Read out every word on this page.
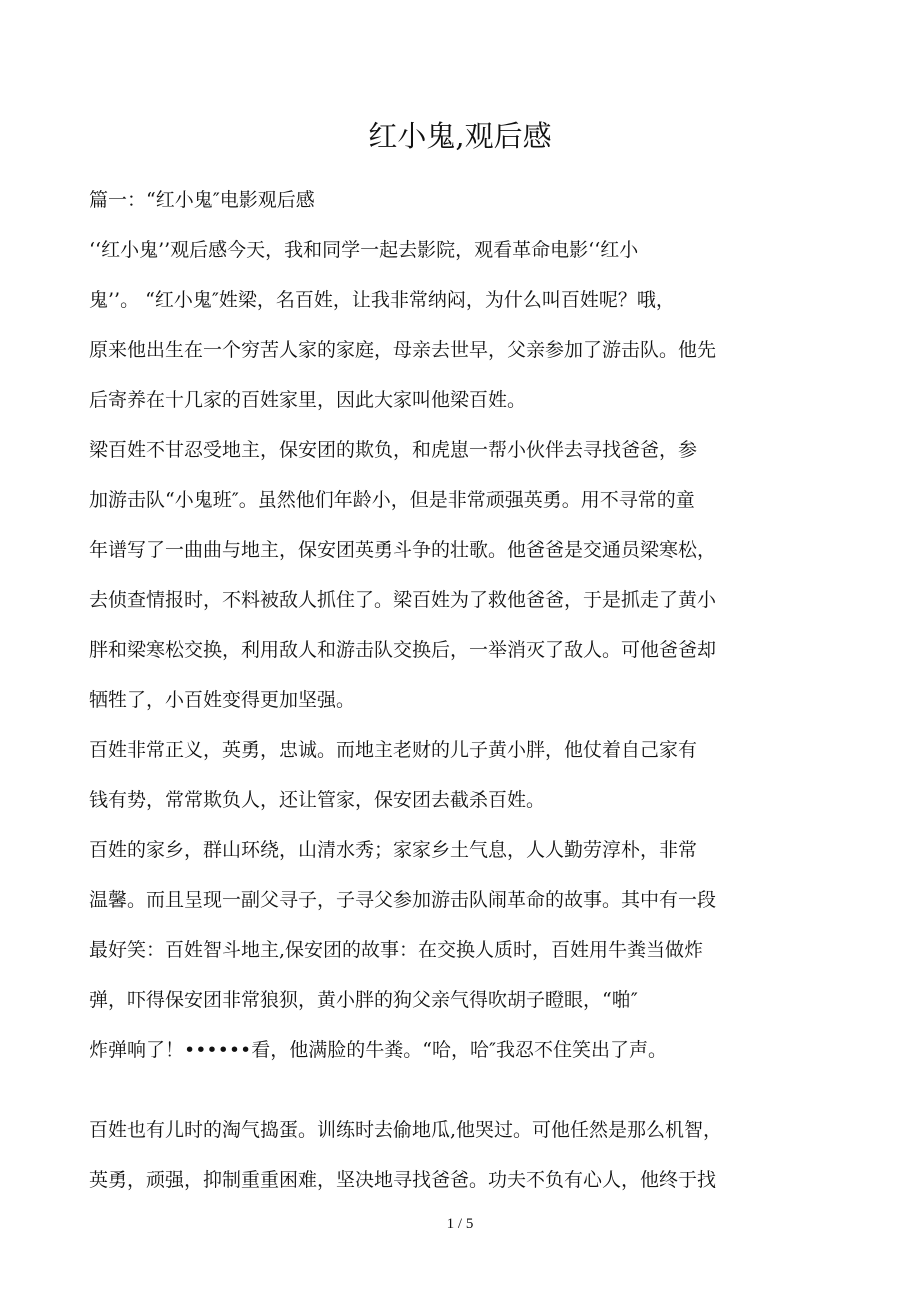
红小鬼,观后感

篇一：“红小鬼″电影观后感

‘‘红小鬼’’观后感今天，我和同学一起去影院，观看革命电影‘‘红小

鬼’’。 “红小鬼″姓梁，名百姓，让我非常纳闷，为什么叫百姓呢？哦，

原来他出生在一个穷苦人家的家庭，母亲去世早，父亲参加了游击队。他先

后寄养在十几家的百姓家里，因此大家叫他梁百姓。

梁百姓不甘忍受地主，保安团的欺负，和虎崽一帮小伙伴去寻找爸爸，参

加游击队“小鬼班″。虽然他们年龄小，但是非常顽强英勇。用不寻常的童

年谱写了一曲曲与地主，保安团英勇斗争的壮歌。他爸爸是交通员梁寒松，

去侦查情报时，不料被敌人抓住了。梁百姓为了救他爸爸，于是抓走了黄小

胖和梁寒松交换，利用敌人和游击队交换后，一举消灭了敌人。可他爸爸却

牺牲了，小百姓变得更加坚强。

百姓非常正义，英勇，忠诚。而地主老财的儿子黄小胖，他仗着自己家有

钱有势，常常欺负人，还让管家，保安团去截杀百姓。

百姓的家乡，群山环绕，山清水秀；家家乡土气息，人人勤劳淳朴，非常

温馨。而且呈现一副父寻子，子寻父参加游击队闹革命的故事。其中有一段

最好笑：百姓智斗地主,保安团的故事：在交换人质时，百姓用牛粪当做炸

弹，吓得保安团非常狼狈，黄小胖的狗父亲气得吹胡子瞪眼，“啪″

炸弹响了！••••••看，他满脸的牛粪。“哈，哈″我忍不住笑出了声。

百姓也有儿时的淘气捣蛋。训练时去偷地瓜,他哭过。可他任然是那么机智，

英勇，顽强，抑制重重困难，坚决地寻找爸爸。功夫不负有心人，他终于找

1 / 5
